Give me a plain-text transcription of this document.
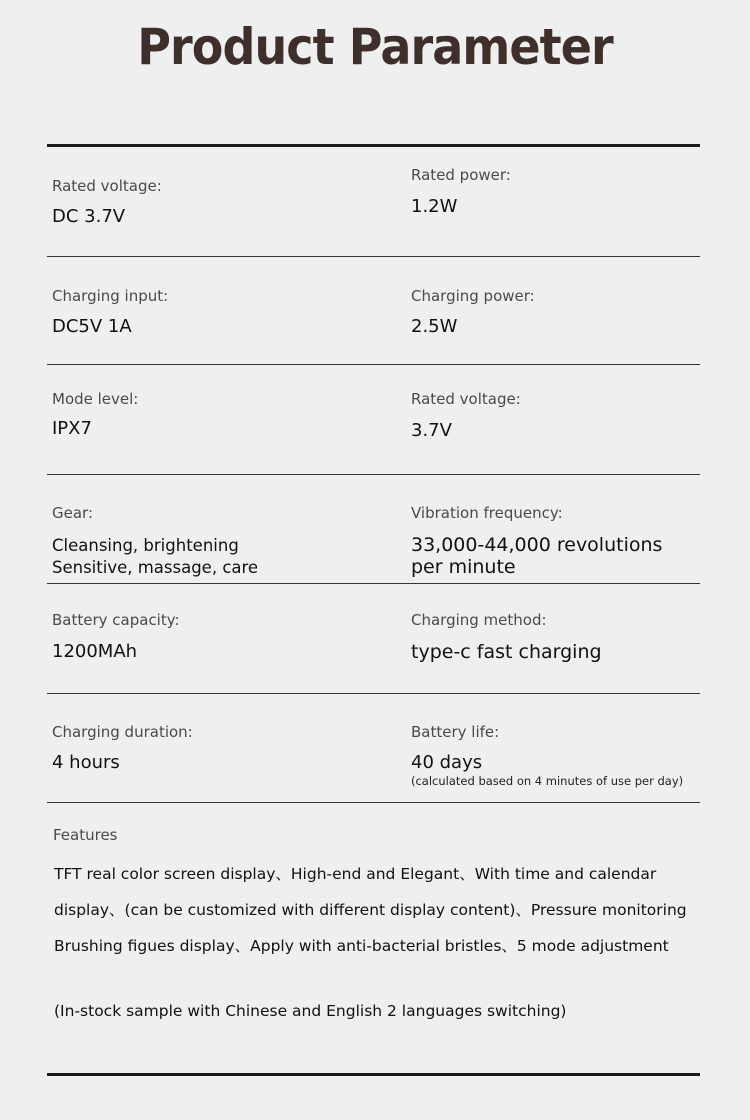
Product Parameter
Rated voltage:
DC 3.7V
Rated power:
1.2W
Charging input:
DC5V 1A
Charging power:
2.5W
Mode level:
IPX7
Rated voltage:
3.7V
Gear:
Cleansing, brightening
Sensitive, massage, care
Vibration frequency:
33,000-44,000 revolutions
per minute
Battery capacity:
1200MAh
Charging method:
type-c fast charging
Charging duration:
4 hours
Battery life:
40 days
(calculated based on 4 minutes of use per day)
Features
TFT real color screen display、High-end and Elegant、With time and calendar
display、(can be customized with different display content)、Pressure monitoring
Brushing figues display、Apply with anti-bacterial bristles、5 mode adjustment
(In-stock sample with Chinese and English 2 languages switching)
